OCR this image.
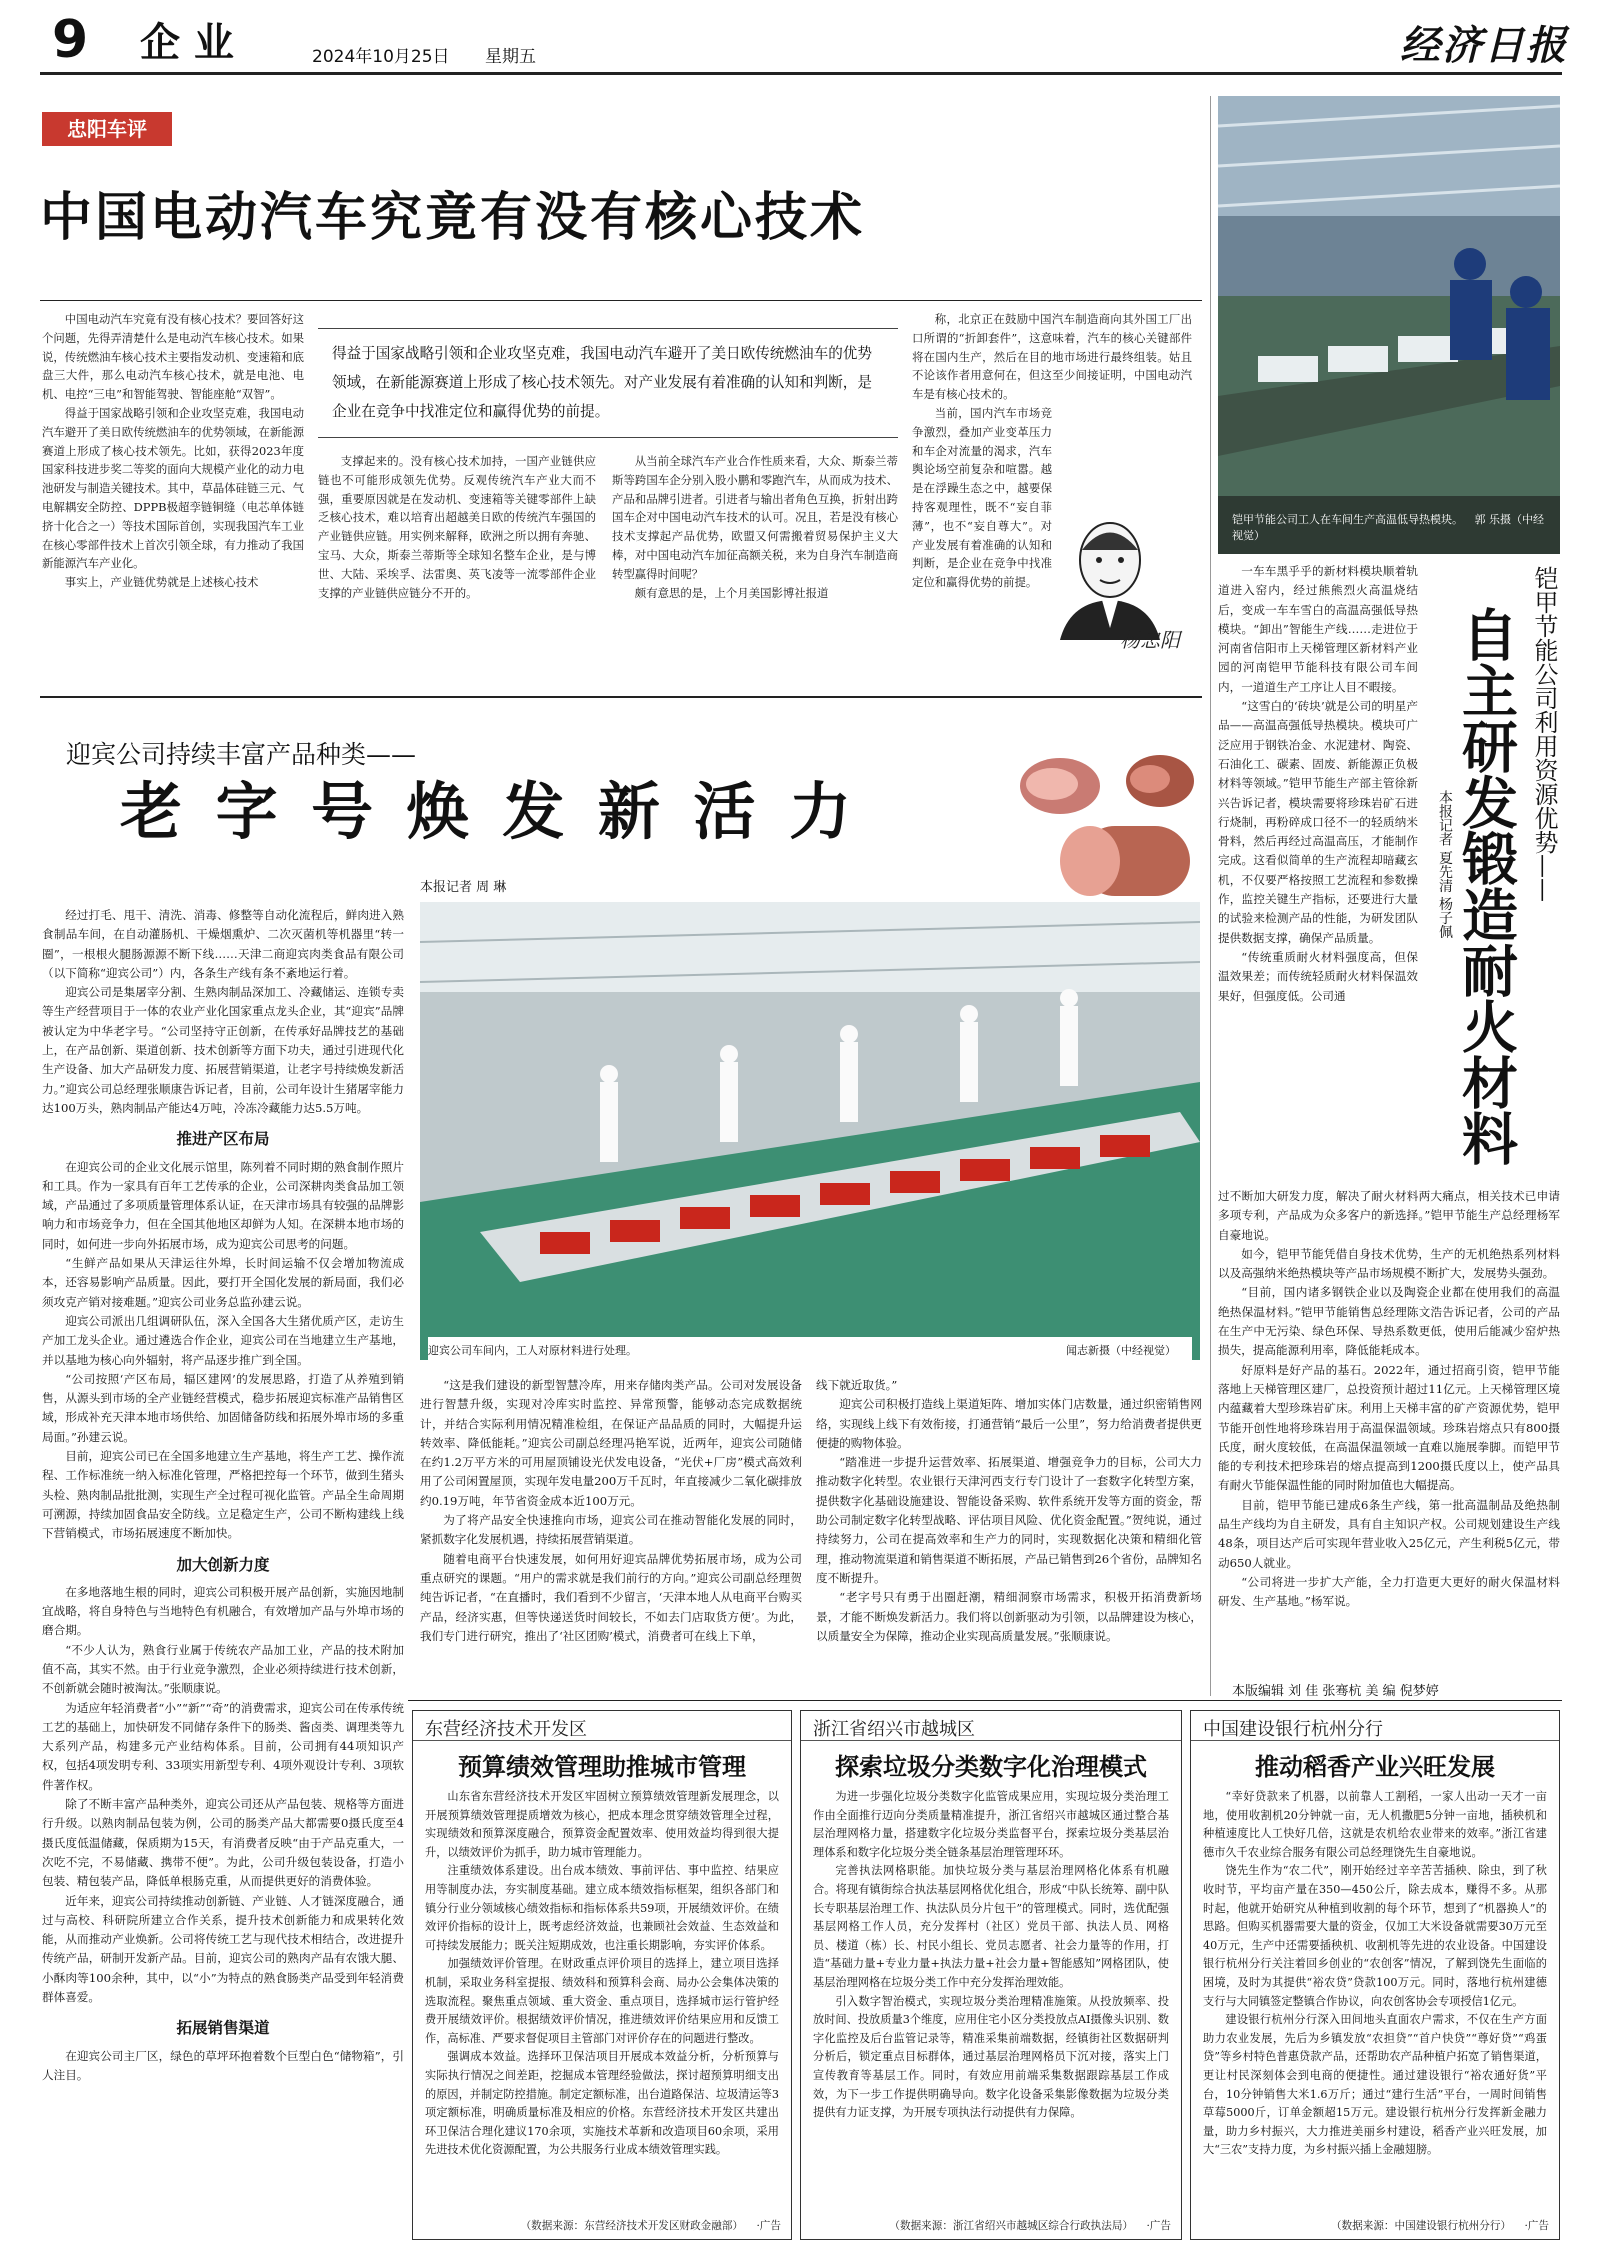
9 企 业	2024年10月25日 星期五	经济日报
忠阳车评
中国电动汽车究竟有没有核心技术

中国电动汽车究竟有没有核心技术？要回答好这个问题，先得弄清楚什么是电动汽车核心技术。如果说，传统燃油车核心技术主要指发动机、变速箱和底盘三大件，那么电动汽车核心技术，就是电池、电机、电控“三电”和智能驾驶、智能座舱“双智”。

得益于国家战略引领和企业攻坚克难，我国电动汽车避开了美日欧传统燃油车的优势领域，在新能源赛道上形成了核心技术领先。比如，获得2023年度国家科技进步奖二等奖的面向大规模产业化的动力电池研发与制造关键技术。其中，草晶体硅链三元、气电解耦安全防控、DPPB极超孪链铜缝（电芯单体链挤十化合之一）等技术国际首创，实现我国汽车工业在核心零部件技术上首次引领全球，有力推动了我国新能源汽车产业化。

事实上，产业链优势就是上述核心技术

得益于国家战略引领和企业攻坚克难，我国电动汽车避开了美日欧传统燃油车的优势领域，在新能源赛道上形成了核心技术领先。对产业发展有着准确的认知和判断，是企业在竞争中找准定位和赢得优势的前提。

支撑起来的。没有核心技术加持，一国产业链供应链也不可能形成领先优势。反观传统汽车产业大而不强，重要原因就是在发动机、变速箱等关键零部件上缺乏核心技术，难以培育出超越美日欧的传统汽车强国的产业链供应链。用实例来解释，欧洲之所以拥有奔驰、宝马、大众，斯泰兰蒂斯等全球知名整车企业，是与博世、大陆、采埃孚、法雷奥、英飞凌等一流零部件企业支撑的产业链供应链分不开的。

从当前全球汽车产业合作性质来看，大众、斯泰兰蒂斯等跨国车企分别入股小鹏和零跑汽车，从而成为技术、产品和品牌引进者。引进者与输出者角色互换，折射出跨国车企对中国电动汽车技术的认可。况且，若是没有核心技术支撑起产品优势，欧盟又何需搬着贸易保护主义大棒，对中国电动汽车加征高额关税，来为自身汽车制造商转型赢得时间呢？

颇有意思的是，上个月美国影博社报道

称，北京正在鼓励中国汽车制造商向其外国工厂出口所谓的“折卸套件”，这意味着，汽车的核心关键部件将在国内生产，然后在目的地市场进行最终组装。姑且不论该作者用意何在，但这至少间接证明，中国电动汽车是有核心技术的。

当前，国内汽车市场竞争激烈，叠加产业变革压力和车企对流量的渴求，汽车舆论场空前复杂和喧嚣。越是在浮躁生态之中，越要保持客观理性，既不“妄自菲薄”，也不“妄自尊大”。对产业发展有着准确的认知和判断，是企业在竞争中找准定位和赢得优势的前提。

杨忠阳
铠甲节能公司工人在车间生产高温低导热模块。 郭 乐摄（中经视觉）

一车车黑乎乎的新材料模块顺着轨道进入窑内，经过熊熊烈火高温烧结后，变成一车车雪白的高温高强低导热模块。“卸出”智能生产线……走进位于河南省信阳市上天梯管理区新材料产业园的河南铠甲节能科技有限公司车间内，一道道生产工序让人目不暇接。

“这雪白的‘砖块’就是公司的明星产品——高温高强低导热模块。模块可广泛应用于钢铁冶金、水泥建材、陶瓷、石油化工、碳素、固废、新能源正负极材料等领域。”铠甲节能生产部主管徐新兴告诉记者，模块需要将珍珠岩矿石进行烧制，再粉碎成口径不一的轻质纳米骨料，然后再经过高温高压，才能制作完成。这看似简单的生产流程却暗藏玄机，不仅要严格按照工艺流程和参数操作，监控关键生产指标，还要进行大量的试验来检测产品的性能，为研发团队提供数据支撑，确保产品质量。

“传统重质耐火材料强度高，但保温效果差；而传统轻质耐火材料保温效果好，但强度低。公司通

本报记者 夏先清 杨子佩 自主研发锻造耐火材料 铠甲节能公司利用资源优势——

过不断加大研发力度，解决了耐火材料两大痛点，相关技术已申请多项专利，产品成为众多客户的新选择。”铠甲节能生产总经理杨军自豪地说。

如今，铠甲节能凭借自身技术优势，生产的无机绝热系列材料以及高强纳米绝热模块等产品市场规模不断扩大，发展势头强劲。

“目前，国内诸多钢铁企业以及陶瓷企业都在使用我们的高温绝热保温材料。”铠甲节能销售总经理陈文浩告诉记者，公司的产品在生产中无污染、绿色环保、导热系数更低，使用后能减少窑炉热损失，提高能源利用率，降低能耗成本。

好原料是好产品的基石。2022年，通过招商引资，铠甲节能落地上天梯管理区建厂，总投资预计超过11亿元。上天梯管理区境内蕴藏着大型珍珠岩矿床。利用上天梯丰富的矿产资源优势，铠甲节能开创性地将珍珠岩用于高温保温领域。珍珠岩熔点只有800摄氏度，耐火度较低，在高温保温领域一直难以施展拳脚。而铠甲节能的专利技术把珍珠岩的熔点提高到1200摄氏度以上，使产品具有耐火节能保温性能的同时附加值也大幅提高。

目前，铠甲节能已建成6条生产线，第一批高温制品及绝热制品生产线均为自主研发，具有自主知识产权。公司规划建设生产线48条，项目达产后可实现年营业收入25亿元，产生利税5亿元，带动650人就业。

“公司将进一步扩大产能，全力打造更大更好的耐火保温材料研发、生产基地。”杨军说。

本版编辑 刘 佳 张骞杭 美 编 倪梦婷
迎宾公司持续丰富产品种类——
老 字 号 焕 发 新 活 力
本报记者 周 琳
迎宾公司车间内，工人对原材料进行处理。	闻志新摄（中经视觉）

经过打毛、甩干、清洗、消毒、修整等自动化流程后，鲜肉进入熟食制品车间，在自动灌肠机、干燥烟熏炉、二次灭菌机等机器里“转一圈”，一根根火腿肠源源不断下线……天津二商迎宾肉类食品有限公司（以下简称“迎宾公司”）内，各条生产线有条不紊地运行着。

迎宾公司是集屠宰分割、生熟肉制品深加工、冷藏储运、连锁专卖等生产经营项目于一体的农业产业化国家重点龙头企业，其“迎宾”品牌被认定为中华老字号。“公司坚持守正创新，在传承好品牌技艺的基础上，在产品创新、渠道创新、技术创新等方面下功夫，通过引进现代化生产设备、加大产品研发力度、拓展营销渠道，让老字号持续焕发新活力。”迎宾公司总经理张顺康告诉记者，目前，公司年设计生猪屠宰能力达100万头，熟肉制品产能达4万吨，冷冻冷藏能力达5.5万吨。

推进产区布局

在迎宾公司的企业文化展示馆里，陈列着不同时期的熟食制作照片和工具。作为一家具有百年工艺传承的企业，公司深耕肉类食品加工领域，产品通过了多项质量管理体系认证，在天津市场具有较强的品牌影响力和市场竞争力，但在全国其他地区却鲜为人知。在深耕本地市场的同时，如何进一步向外拓展市场，成为迎宾公司思考的问题。

“生鲜产品如果从天津运往外埠，长时间运输不仅会增加物流成本，还容易影响产品质量。因此，要打开全国化发展的新局面，我们必须攻克产销对接难题。”迎宾公司业务总监孙建云说。

迎宾公司派出几组调研队伍，深入全国各大生猪优质产区，走访生产加工龙头企业。通过遴选合作企业，迎宾公司在当地建立生产基地，并以基地为核心向外辐射，将产品逐步推广到全国。

“公司按照‘产区布局，辐区建网’的发展思路，打造了从养殖到销售，从源头到市场的全产业链经营模式，稳步拓展迎宾标准产品销售区域，形成补充天津本地市场供给、加固储备防线和拓展外埠市场的多重局面。”孙建云说。

目前，迎宾公司已在全国多地建立生产基地，将生产工艺、操作流程、工作标准统一纳入标准化管理，严格把控每一个环节，做到生猪头头检、熟肉制品批批测，实现生产全过程可视化监管。产品全生命周期可溯源，持续加固食品安全防线。立足稳定生产，公司不断构建线上线下营销模式，市场拓展速度不断加快。

加大创新力度

在多地落地生根的同时，迎宾公司积极开展产品创新，实施因地制宜战略，将自身特色与当地特色有机融合，有效增加产品与外埠市场的磨合期。

“不少人认为，熟食行业属于传统农产品加工业，产品的技术附加值不高，其实不然。由于行业竞争激烈，企业必须持续进行技术创新，不创新就会随时被淘汰。”张顺康说。

为适应年轻消费者“小”“新”“奇”的消费需求，迎宾公司在传承传统工艺的基础上，加快研发不同储存条件下的肠类、酱卤类、调理类等九大系列产品，构建多元产业结构体系。目前，公司拥有44项知识产权，包括4项发明专利、33项实用新型专利、4项外观设计专利、3项软件著作权。

除了不断丰富产品种类外，迎宾公司还从产品包装、规格等方面进行升级。以熟肉制品包装为例，公司的肠类产品大都需要0摄氏度至4摄氏度低温储藏，保质期为15天，有消费者反映“由于产品克重大，一次吃不完，不易储藏、携带不便”。为此，公司升级包装设备，打造小包装、精包装产品，降低单根肠克重，从而提供更好的消费体验。

近年来，迎宾公司持续推动创新链、产业链、人才链深度融合，通过与高校、科研院所建立合作关系，提升技术创新能力和成果转化效能，从而推动产业焕新。公司将传统工艺与现代技术相结合，改进提升传统产品，研制开发新产品。目前，迎宾公司的熟肉产品有农饿大腿、小酥肉等100余种，其中，以“小”为特点的熟食肠类产品受到年轻消费群体喜爱。

拓展销售渠道

在迎宾公司主厂区，绿色的草坪环抱着数个巨型白色“储物箱”，引人注目。

“这是我们建设的新型智慧冷库，用来存储肉类产品。公司对发展设备进行智慧升级，实现对冷库实时监控、异常预警，能够动态完成数据统计，并结合实际利用情况精准检组，在保证产品品质的同时，大幅提升运转效率、降低能耗。”迎宾公司副总经理冯艳军说，近两年，迎宾公司随储在约1.2万平方米的可用屋顶铺设光伏发电设备，“光伏+厂房”模式高效利用了公司闲置屋顶，实现年发电量200万千瓦时，年直接减少二氧化碳排放约0.19万吨，年节省资金成本近100万元。

为了将产品安全快速推向市场，迎宾公司在推动智能化发展的同时，紧抓数字化发展机遇，持续拓展营销渠道。

随着电商平台快速发展，如何用好迎宾品牌优势拓展市场，成为公司重点研究的课题。“用户的需求就是我们前行的方向。”迎宾公司副总经理贺纯告诉记者，“在直播时，我们看到不少留言，‘天津本地人从电商平台购买产品，经济实惠，但等快递送货时间较长，不如去门店取货方便’。为此，我们专门进行研究，推出了‘社区团购’模式，消费者可在线上下单，

线下就近取货。”

迎宾公司积极打造线上渠道矩阵、增加实体门店数量，通过织密销售网络，实现线上线下有效衔接，打通营销“最后一公里”，努力给消费者提供更便捷的购物体验。

“踏准进一步提升运营效率、拓展渠道、增强竞争力的目标，公司大力推动数字化转型。农业银行天津河西支行专门设计了一套数字化转型方案，提供数字化基础设施建设、智能设备采购、软件系统开发等方面的资金，帮助公司制定数字化转型战略、评估项目风险、优化资金配置。”贺纯说，通过持续努力，公司在提高效率和生产力的同时，实现数据化决策和精细化管理，推动物流渠道和销售渠道不断拓展，产品已销售到26个省份，品牌知名度不断提升。

“老字号只有勇于出圈赶潮，精细洞察市场需求，积极开拓消费新场景，才能不断焕发新活力。我们将以创新驱动为引领，以品牌建设为核心，以质量安全为保障，推动企业实现高质量发展。”张顺康说。

东营经济技术开发区
预算绩效管理助推城市管理

山东省东营经济技术开发区牢固树立预算绩效管理新发展理念，以开展预算绩效管理提质增效为核心，把成本理念贯穿绩效管理全过程，实现绩效和预算深度融合，预算资金配置效率、使用效益均得到很大提升，以绩效评价为抓手，助力城市管理能力。

注重绩效体系建设。出台成本绩效、事前评估、事中监控、结果应用等制度办法，夯实制度基础。建立成本绩效指标框架，组织各部门和镇分行业分领域核心绩效指标和指标体系共59项，开展绩效评价。在绩效评价指标的设计上，既考虑经济效益，也兼顾社会效益、生态效益和可持续发展能力；既关注短期成效，也注重长期影响，夯实评价体系。

加强绩效评价管理。在财政重点评价项目的选择上，建立项目选择机制，采取业务科室提报、绩效科和预算科会商、局办公会集体决策的选取流程。聚焦重点领域、重大资金、重点项目，选择城市运行管护经费开展绩效评价。根据绩效评价情况，推进绩效评价结果应用和反馈工作，高标准、严要求督促项目主管部门对评价存在的问题进行整改。

强调成本效益。选择环卫保洁项目开展成本效益分析，分析预算与实际执行情况之间差距，挖掘成本管理经验做法，探讨超预算明细支出的原因，并制定防控措施。制定定额标准，出台道路保洁、垃圾清运等3项定额标准，明确质量标准及相应的价格。东营经济技术开发区共建出环卫保洁合理化建议170余项，实施技术革新和改造项目60余项，采用先进技术优化资源配置，为公共服务行业成本绩效管理实践。

（数据来源：东营经济技术开发区财政金融部） ·广告
浙江省绍兴市越城区
探索垃圾分类数字化治理模式

为进一步强化垃圾分类数字化监管成果应用，实现垃圾分类治理工作由全面推行迈向分类质量精准提升，浙江省绍兴市越城区通过整合基层治理网格力量，搭建数字化垃圾分类监督平台，探索垃圾分类基层治理体系和数字化垃圾分类全链条基层治理管理环环。

完善执法网格职能。加快垃圾分类与基层治理网格化体系有机融合。将现有镇街综合执法基层网格优化组合，形成“中队长统筹、副中队长专职基层治理工作、执法队员分片包干”的管理模式。同时，选优配强基层网格工作人员，充分发挥村（社区）党员干部、执法人员、网格员、楼道（栋）长、村民小组长、党员志愿者、社会力量等的作用，打造“基础力量+专业力量+执法力量+社会力量+智能感知”网格团队，使基层治理网格在垃圾分类工作中充分发挥治理效能。

引入数字智治模式，实现垃圾分类治理精准施策。从投放频率、投放时间、投放质量3个维度，应用住宅小区分类投放点AI摄像头识别、数字化监控及后台监管记录等，精准采集前端数据，经镇街社区数据研判分析后，锁定重点目标群体，通过基层治理网格员下沉对接，落实上门宣传教育等基层工作。同时，有效应用前端采集数据跟踪基层工作成效，为下一步工作提供明确导向。数字化设备采集影像数据为垃圾分类提供有力证支撑，为开展专项执法行动提供有力保障。

（数据来源：浙江省绍兴市越城区综合行政执法局） ·广告
中国建设银行杭州分行
推动稻香产业兴旺发展

“幸好贷款来了机器，以前靠人工割稻，一家人出动一天才一亩地，使用收割机20分钟就一亩，无人机撒肥5分钟一亩地，插秧机和种植速度比人工快好几倍，这就是农机给农业带来的效率。”浙江省建德市久千农业综合服务有限公司总经理饶先生自豪地说。

饶先生作为“农二代”，刚开始经过辛辛苦苦插秧、除虫，到了秋收时节，平均亩产量在350—450公斤，除去成本，赚得不多。从那时起，他就开始研究从种植到收割的每个环节，想到了“机器换人”的思路。但购买机器需要大量的资金，仅加工大米设备就需要30万元至40万元，生产中还需要插秧机、收割机等先进的农业设备。中国建设银行杭州分行关注着回乡创业的“农创客”情况，了解到饶先生面临的困境，及时为其提供“裕农贷”贷款100万元。同时，落地行杭州建德支行与大同镇签定整镇合作协议，向农创客协会专项授信1亿元。

建设银行杭州分行深入田间地头直面农户需求，不仅在生产方面助力农业发展，先后为乡镇发放“农担贷”“首户快贷”“尊好贷”“鸡蛋贷”等乡村特色普惠贷款产品，还帮助农产品种植户拓宽了销售渠道，更让村民深刻体会到电商的便捷性。通过建设银行“裕农通好货”平台，10分钟销售大米1.6万斤；通过“建行生活”平台，一周时间销售草莓5000斤，订单金额超15万元。建设银行杭州分行发挥新金融力量，助力乡村振兴，大力推进美丽乡村建设，稻香产业兴旺发展，加大“三农”支持力度，为乡村振兴插上金融翅膀。

（数据来源：中国建设银行杭州分行） ·广告
